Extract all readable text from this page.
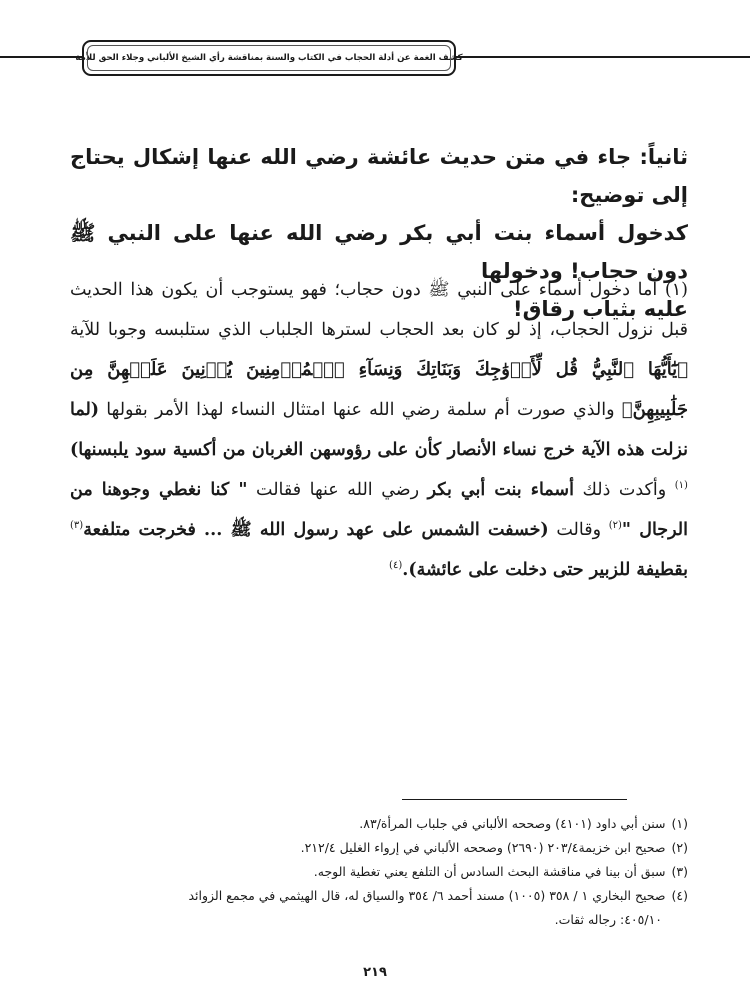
كشف الغمة عن أدلة الحجاب في الكتاب والسنة بمناقشة رأي الشيخ الألباني وجلاء الحق للأمة

ثانياً: جاء في متن حديث عائشة رضي الله عنها إشكال يحتاج إلى توضيح:

كدخول أسماء بنت أبي بكر رضي الله عنها على النبي ﷺ دون حجاب! ودخولها

عليه بثياب رقاق!

(١) أما دخول أسماء على النبي ﷺ دون حجاب؛ فهو يستوجب أن يكون هذا الحديث قبل نزول الحجاب، إذ لو كان بعد الحجاب لسترها الجلباب الذي ستلبسه وجوبا للآية ﴿يَٰٓأَيُّهَا ٱلنَّبِيُّ قُل لِّأَزۡوَٰجِكَ وَبَنَاتِكَ وَنِسَآءِ ٱلۡمُؤۡمِنِينَ يُدۡنِينَ عَلَيۡهِنَّ مِن جَلَٰبِيبِهِنَّ﴾ والذي صورت أم سلمة رضي الله عنها امتثال النساء لهذا الأمر بقولها (لما نزلت هذه الآية خرج نساء الأنصار كأن على رؤوسهن الغربان من أكسية سود يلبسنها)$^{(١)}$ وأكدت ذلك أسماء بنت أبي بكر رضي الله عنها فقالت " كنا نغطي وجوهنا من الرجال "$^{(٢)}$ وقالت (خسفت الشمس على عهد رسول الله ﷺ ... فخرجت متلفعة$^{(٣)}$ بقطيفة للزبير حتى دخلت على عائشة).$^{(٤)}$

(١)سنن أبي داود (٤١٠١) وصححه الألباني في جلباب المرأة/٨٣.

(٢)صحيح ابن خزيمة٢٠٣/٤ (٢٦٩٠) وصححه الألباني في إرواء الغليل ٢١٢/٤.

(٣)سبق أن بينا في مناقشة البحث السادس أن التلفع يعني تغطية الوجه.

(٤)صحيح البخاري ١ / ٣٥٨ (١٠٠٥) مسند أحمد ٦/ ٣٥٤ والسياق له، قال الهيثمي في مجمع الزوائد

٤٠٥/١٠: رجاله ثقات.

٢١٩
